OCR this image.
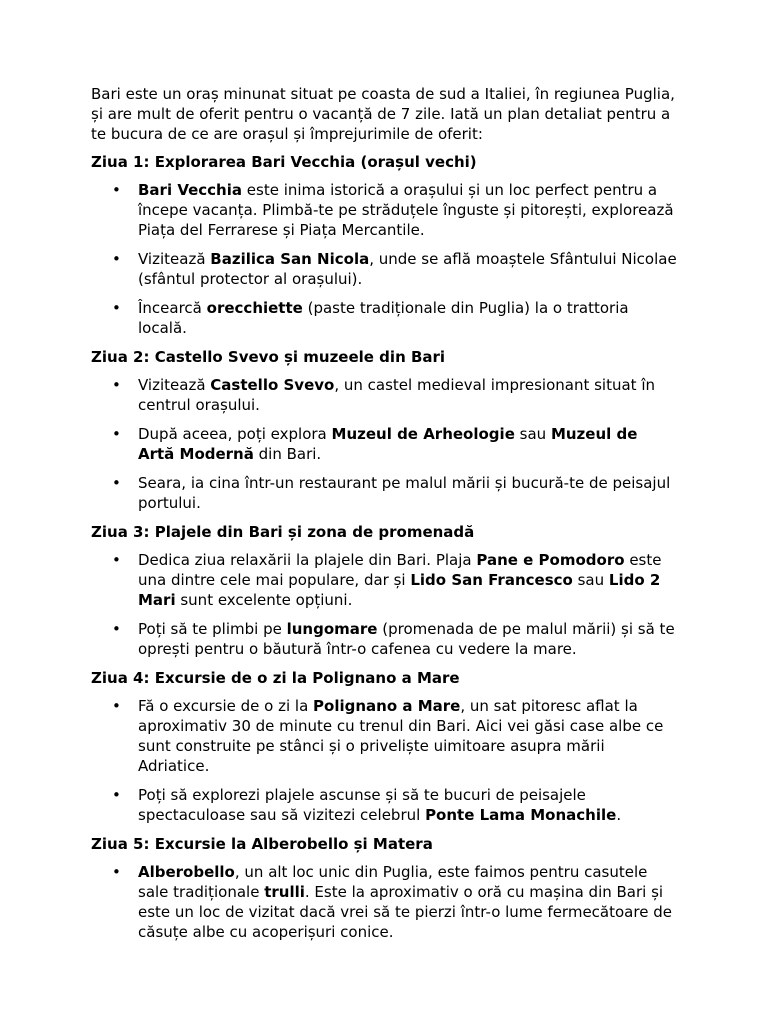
Bari este un oraș minunat situat pe coasta de sud a Italiei, în regiunea Puglia, și are mult de oferit pentru o vacanță de 7 zile. Iată un plan detaliat pentru a te bucura de ce are orașul și împrejurimile de oferit:

Ziua 1: Explorarea Bari Vecchia (orașul vechi)

• Bari Vecchia este inima istorică a orașului și un loc perfect pentru a începe vacanța. Plimbă-te pe străduțele înguste și pitorești, explorează Piața del Ferrarese și Piața Mercantile.
• Vizitează Bazilica San Nicola, unde se află moaștele Sfântului Nicolae (sfântul protector al orașului).
• Încearcă orecchiette (paste tradiționale din Puglia) la o trattoria locală.

Ziua 2: Castello Svevo și muzeele din Bari

• Vizitează Castello Svevo, un castel medieval impresionant situat în centrul orașului.
• După aceea, poți explora Muzeul de Arheologie sau Muzeul de Artă Modernă din Bari.
• Seara, ia cina într-un restaurant pe malul mării și bucură-te de peisajul portului.

Ziua 3: Plajele din Bari și zona de promenadă

• Dedica ziua relaxării la plajele din Bari. Plaja Pane e Pomodoro este una dintre cele mai populare, dar și Lido San Francesco sau Lido 2 Mari sunt excelente opțiuni.
• Poți să te plimbi pe lungomare (promenada de pe malul mării) și să te oprești pentru o băutură într-o cafenea cu vedere la mare.

Ziua 4: Excursie de o zi la Polignano a Mare

• Fă o excursie de o zi la Polignano a Mare, un sat pitoresc aflat la aproximativ 30 de minute cu trenul din Bari. Aici vei găsi case albe ce sunt construite pe stânci și o priveliște uimitoare asupra mării Adriatice.
• Poți să explorezi plajele ascunse și să te bucuri de peisajele spectaculoase sau să vizitezi celebrul Ponte Lama Monachile.

Ziua 5: Excursie la Alberobello și Matera

• Alberobello, un alt loc unic din Puglia, este faimos pentru casutele sale tradiționale trulli. Este la aproximativ o oră cu mașina din Bari și este un loc de vizitat dacă vrei să te pierzi într-o lume fermecătoare de căsuțe albe cu acoperișuri conice.
